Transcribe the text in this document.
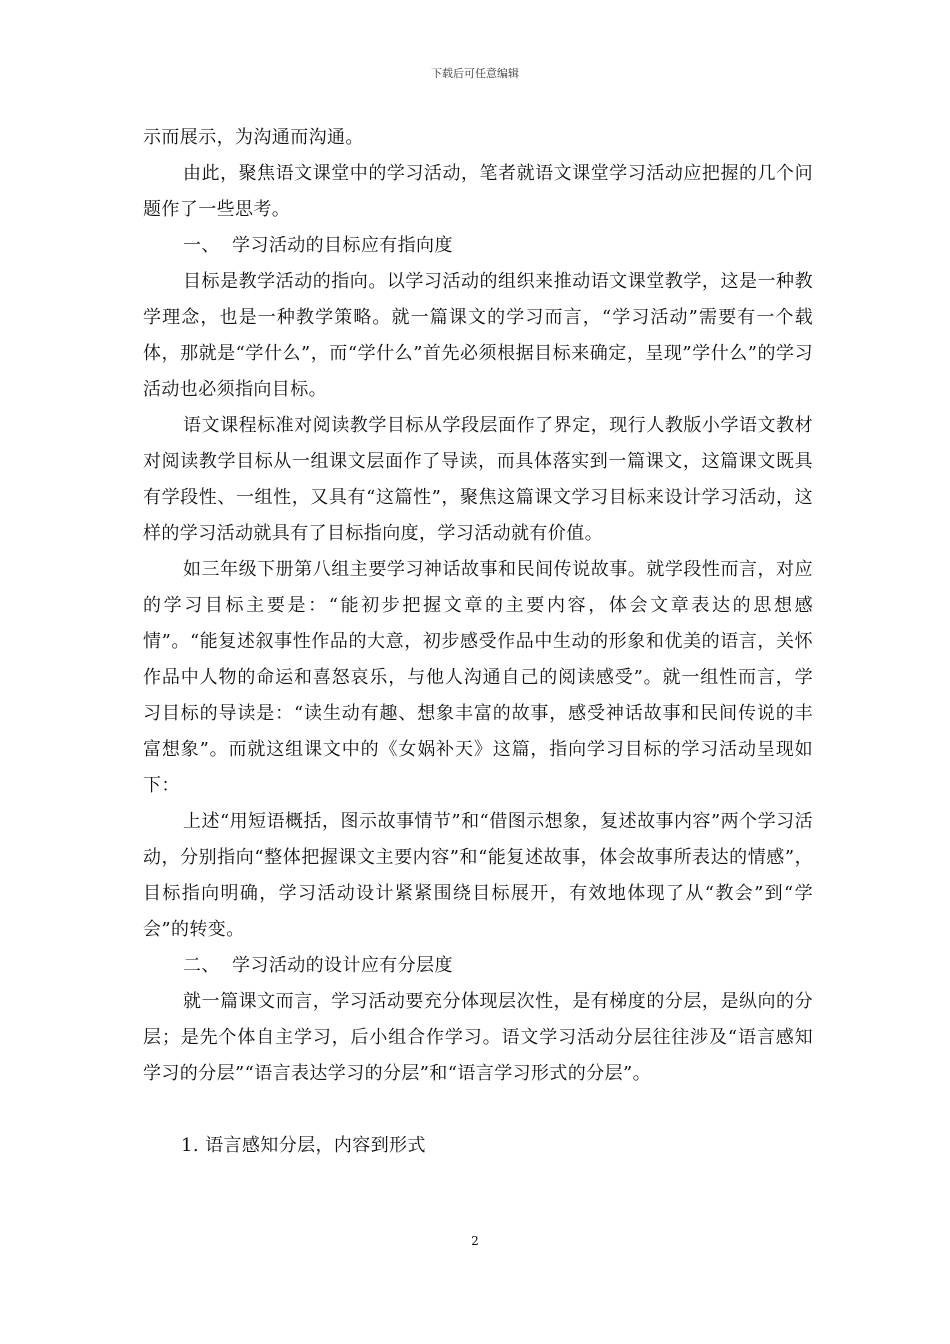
下载后可任意编辑

示而展示，为沟通而沟通。

由此，聚焦语文课堂中的学习活动，笔者就语文课堂学习活动应把握的几个问题作了一些思考。

一、  学习活动的目标应有指向度

目标是教学活动的指向。以学习活动的组织来推动语文课堂教学，这是一种教学理念，也是一种教学策略。就一篇课文的学习而言，“学习活动”需要有一个载体，那就是“学什么”，而“学什么”首先必须根据目标来确定，呈现”学什么”的学习活动也必须指向目标。

语文课程标准对阅读教学目标从学段层面作了界定，现行人教版小学语文教材对阅读教学目标从一组课文层面作了导读，而具体落实到一篇课文，这篇课文既具有学段性、一组性，又具有“这篇性”，聚焦这篇课文学习目标来设计学习活动，这样的学习活动就具有了目标指向度，学习活动就有价值。

如三年级下册第八组主要学习神话故事和民间传说故事。就学段性而言，对应的学习目标主要是：“能初步把握文章的主要内容，体会文章表达的思想感情”。“能复述叙事性作品的大意，初步感受作品中生动的形象和优美的语言，关怀作品中人物的命运和喜怒哀乐，与他人沟通自己的阅读感受”。就一组性而言，学习目标的导读是：“读生动有趣、想象丰富的故事，感受神话故事和民间传说的丰富想象”。而就这组课文中的《女娲补天》这篇，指向学习目标的学习活动呈现如下：

上述“用短语概括，图示故事情节”和“借图示想象，复述故事内容”两个学习活动，分别指向“整体把握课文主要内容”和“能复述故事，体会故事所表达的情感”，目标指向明确，学习活动设计紧紧围绕目标展开，有效地体现了从“教会”到“学会”的转变。

二、  学习活动的设计应有分层度

就一篇课文而言，学习活动要充分体现层次性，是有梯度的分层，是纵向的分层；是先个体自主学习，后小组合作学习。语文学习活动分层往往涉及“语言感知学习的分层”“语言表达学习的分层”和“语言学习形式的分层”。

1. 语言感知分层，内容到形式

2
